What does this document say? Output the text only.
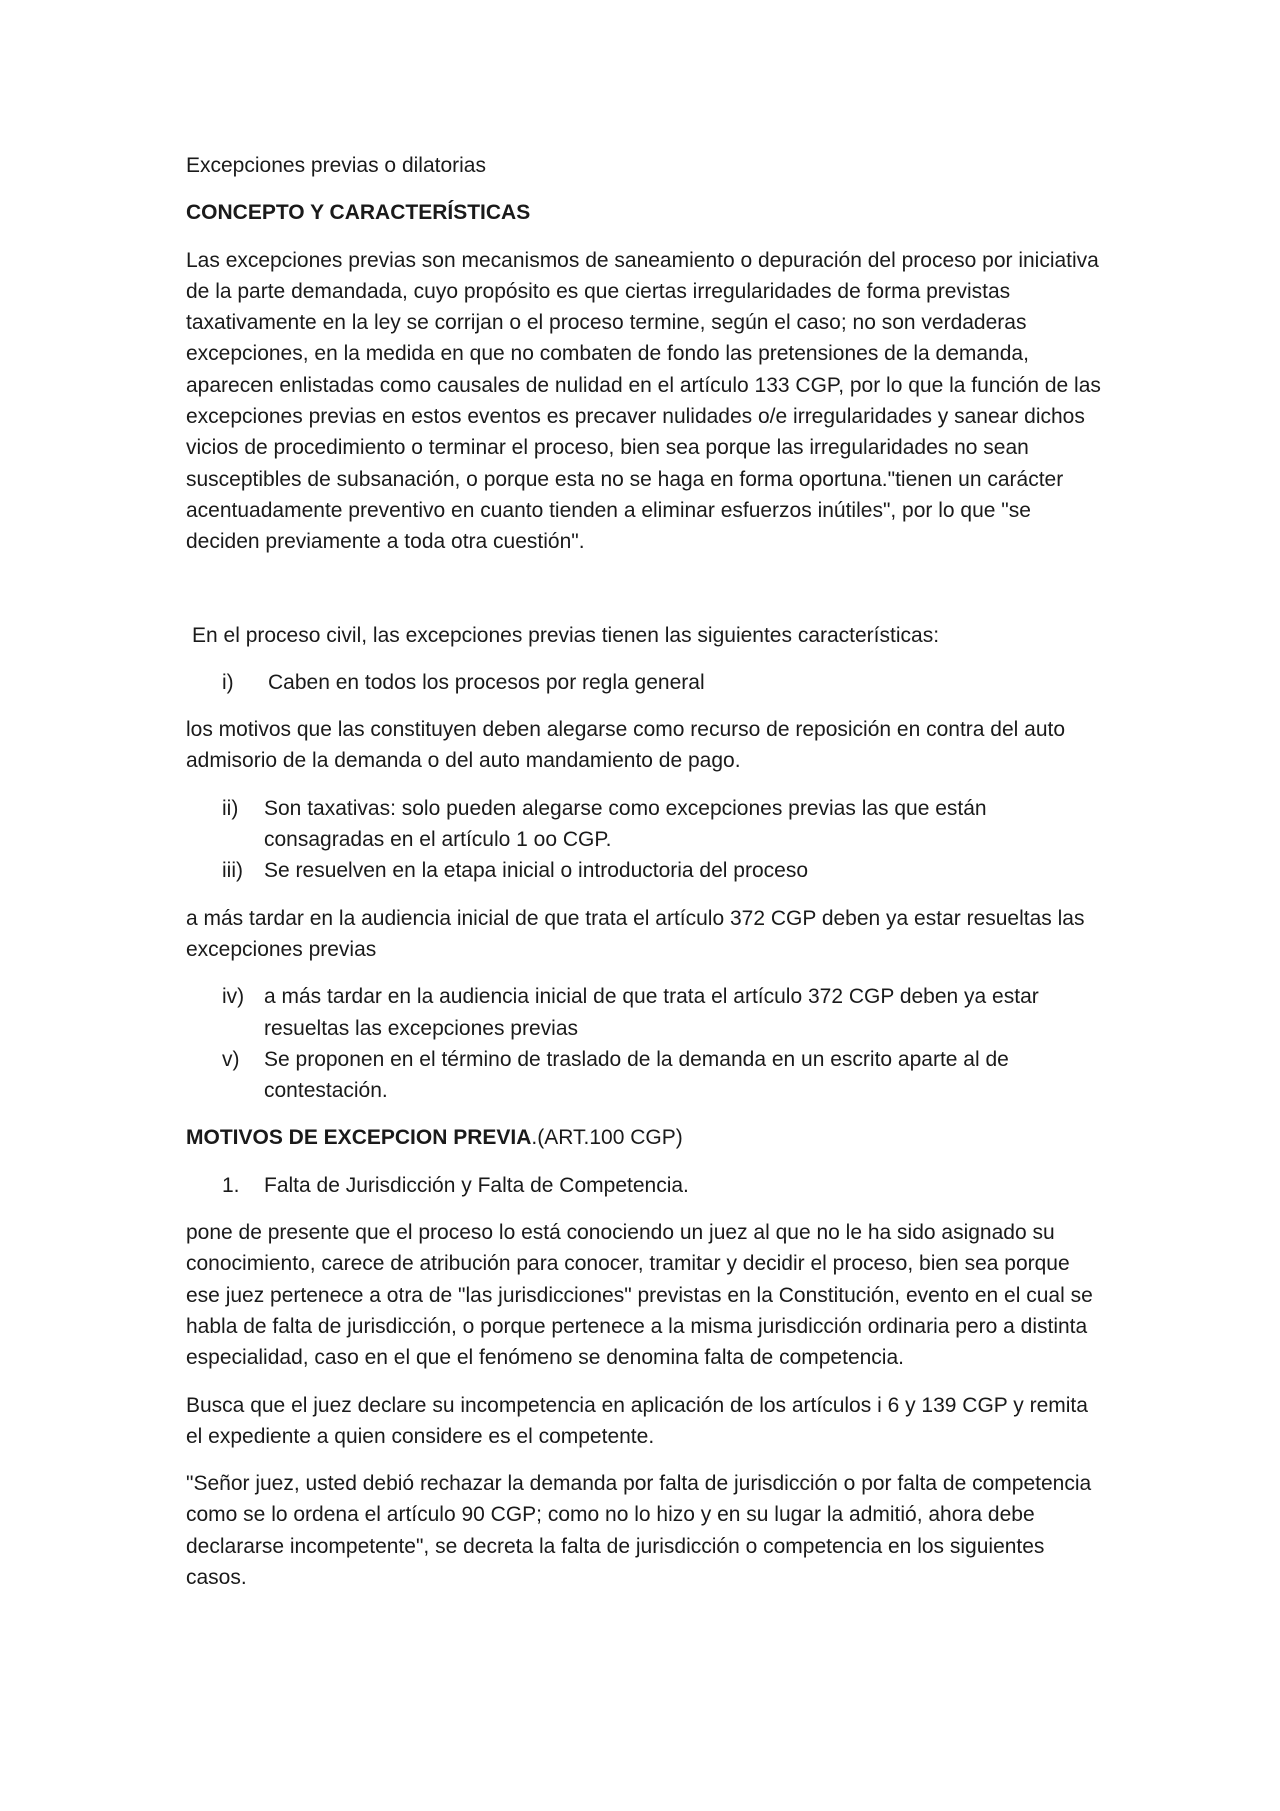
Excepciones previas o dilatorias

CONCEPTO Y CARACTERÍSTICAS

Las excepciones previas son mecanismos de saneamiento o depuración del proceso por iniciativa de la parte demandada, cuyo propósito es que ciertas irregularidades de forma previstas taxativamente en la ley se corrijan o el proceso termine, según el caso; no son verdaderas excepciones, en la medida en que no combaten de fondo las pretensiones de la demanda, aparecen enlistadas como causales de nulidad en el artículo 133 CGP, por lo que la función de las excepciones previas en estos eventos es precaver nulidades o/e irregularidades y sanear dichos vicios de procedimiento o terminar el proceso, bien sea porque las irregularidades no sean susceptibles de subsanación, o porque esta no se haga en forma oportuna."tienen un carácter acentuadamente preventivo en cuanto tienden a eliminar esfuerzos inútiles", por lo que "se deciden previamente a toda otra cuestión".

En el proceso civil, las excepciones previas tienen las siguientes características:

i) Caben en todos los procesos por regla general

los motivos que las constituyen deben alegarse como recurso de reposición en contra del auto admisorio de la demanda o del auto mandamiento de pago.

ii) Son taxativas: solo pueden alegarse como excepciones previas las que están consagradas en el artículo 1 oo CGP.
iii) Se resuelven en la etapa inicial o introductoria del proceso

a más tardar en la audiencia inicial de que trata el artículo 372 CGP deben ya estar resueltas las excepciones previas

iv) a más tardar en la audiencia inicial de que trata el artículo 372 CGP deben ya estar resueltas las excepciones previas
v) Se proponen en el término de traslado de la demanda en un escrito aparte al de contestación.

MOTIVOS DE EXCEPCION PREVIA.(ART.100 CGP)

1. Falta de Jurisdicción y Falta de Competencia.

pone de presente que el proceso lo está conociendo un juez al que no le ha sido asignado su conocimiento, carece de atribución para conocer, tramitar y decidir el proceso, bien sea porque ese juez pertenece a otra de "las jurisdicciones" previstas en la Constitución, evento en el cual se habla de falta de jurisdicción, o porque pertenece a la misma jurisdicción ordinaria pero a distinta especialidad, caso en el que el fenómeno se denomina falta de competencia.

Busca que el juez declare su incompetencia en aplicación de los artículos i 6 y 139 CGP y remita el expediente a quien considere es el competente.

"Señor juez, usted debió rechazar la demanda por falta de jurisdicción o por falta de competencia como se lo ordena el artículo 90 CGP; como no lo hizo y en su lugar la admitió, ahora debe declararse incompetente", se decreta la falta de jurisdicción o competencia en los siguientes casos.
